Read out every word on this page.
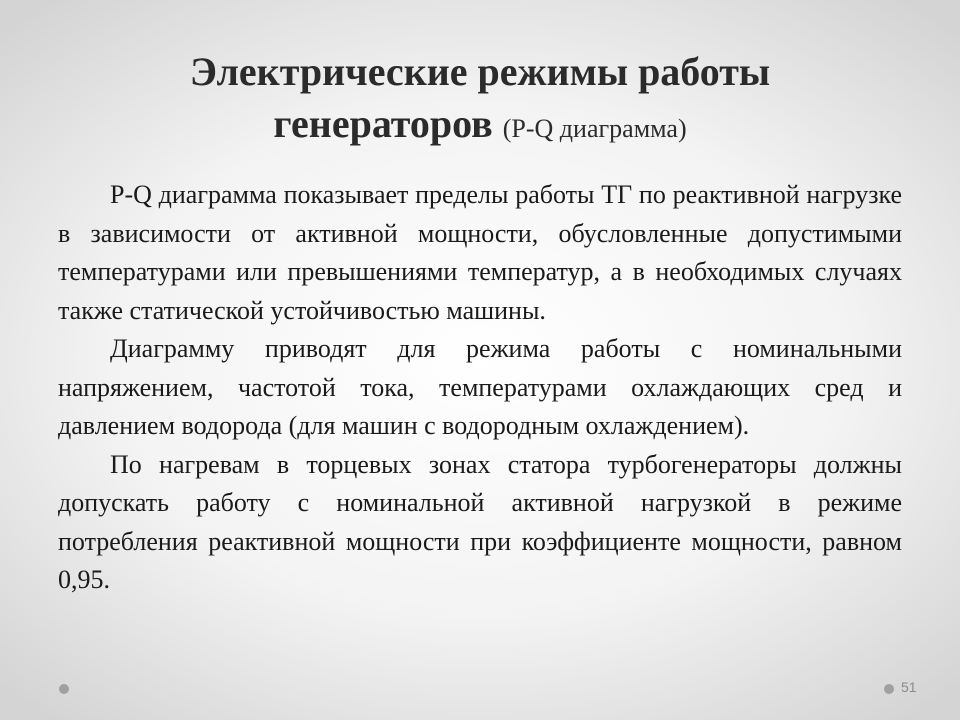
Электрические режимы работы
генераторов (P-Q диаграмма)

P-Q диаграмма показывает пределы работы ТГ по реактивной нагрузке в зависимости от активной мощности, обусловленные допустимыми температурами или превышениями температур, а в необходимых случаях также статической устойчивостью машины.

Диаграмму приводят для режима работы с номинальными напряжением, частотой тока, температурами охлаждающих сред и давлением водорода (для машин с водородным охлаждением).

По нагревам в торцевых зонах статора турбогенераторы должны допускать работу с номинальной активной нагрузкой в режиме потребления реактивной мощности при коэффициенте мощности, равном 0,95.

51
